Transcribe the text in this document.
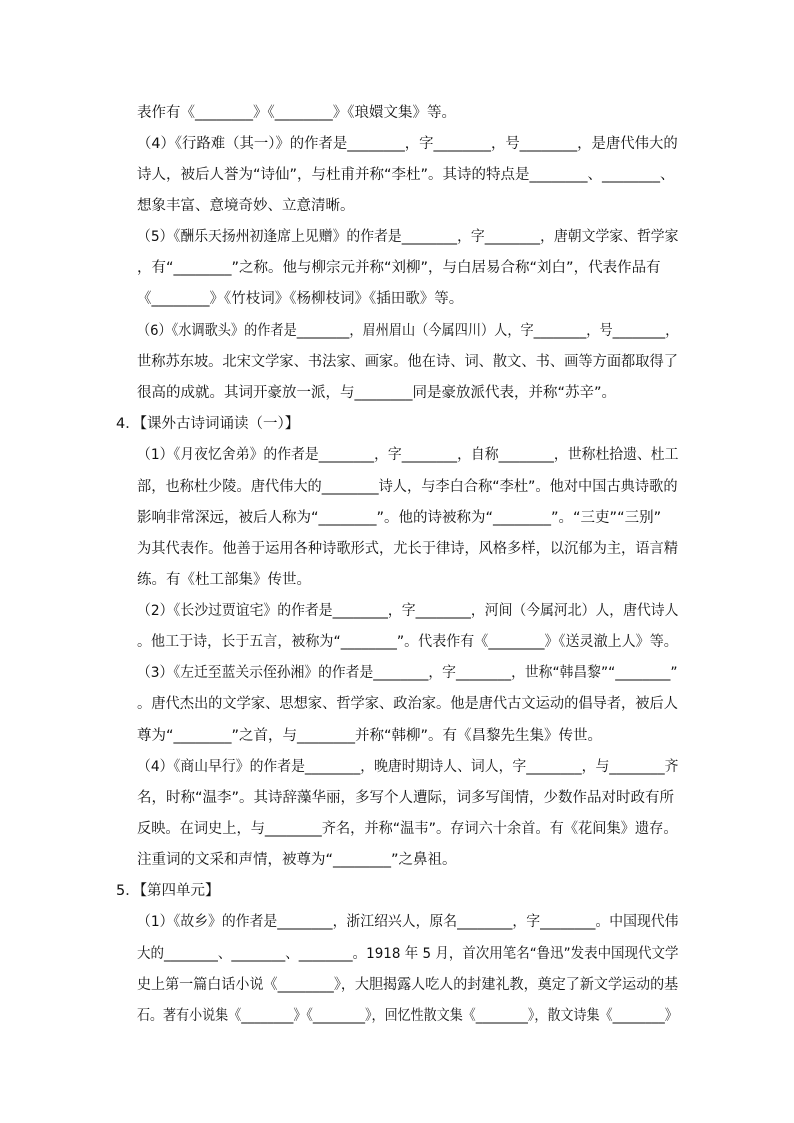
表作有《________》《________》《琅嬛文集》等。
（4）《行路难（其一）》的作者是________，字________，号________，是唐代伟大的
诗人，被后人誉为“诗仙”，与杜甫并称“李杜”。其诗的特点是________、________、
想象丰富、意境奇妙、立意清晰。
（5）《酬乐天扬州初逢席上见赠》的作者是________，字________，唐朝文学家、哲学家
，有“________”之称。他与柳宗元并称“刘柳”，与白居易合称“刘白”，代表作品有
《________》《竹枝词》《杨柳枝词》《插田歌》等。
（6）《水调歌头》的作者是________，眉州眉山（今属四川）人，字________，号________，
世称苏东坡。北宋文学家、书法家、画家。他在诗、词、散文、书、画等方面都取得了
很高的成就。其词开豪放一派，与________同是豪放派代表，并称“苏辛”。
4．【课外古诗词诵读（一）】
（1）《月夜忆舍弟》的作者是________，字________，自称________，世称杜拾遗、杜工
部，也称杜少陵。唐代伟大的________诗人，与李白合称“李杜”。他对中国古典诗歌的
影响非常深远，被后人称为“________”。他的诗被称为“________”。“三吏”“三别”
为其代表作。他善于运用各种诗歌形式，尤长于律诗，风格多样，以沉郁为主，语言精
练。有《杜工部集》传世。
（2）《长沙过贾谊宅》的作者是________，字________，河间（今属河北）人，唐代诗人
。他工于诗，长于五言，被称为“________”。代表作有《________》《送灵澈上人》等。
（3）《左迁至蓝关示侄孙湘》的作者是________，字________，世称“韩昌黎”“________”
。唐代杰出的文学家、思想家、哲学家、政治家。他是唐代古文运动的倡导者，被后人
尊为“________”之首，与________并称“韩柳”。有《昌黎先生集》传世。
（4）《商山早行》的作者是________，晚唐时期诗人、词人，字________，与________齐
名，时称“温李”。其诗辞藻华丽，多写个人遭际，词多写闺情，少数作品对时政有所
反映。在词史上，与________齐名，并称“温韦”。存词六十余首。有《花间集》遗存。
注重词的文采和声情，被尊为“________”之鼻祖。
5．【第四单元】
（1）《故乡》的作者是________，浙江绍兴人，原名________，字________。中国现代伟
大的________、________、________。1918 年 5 月，首次用笔名“鲁迅”发表中国现代文学
史上第一篇白话小说《________》，大胆揭露人吃人的封建礼教，奠定了新文学运动的基
石。著有小说集《________》《________》，回忆性散文集《________》，散文诗集《________》
